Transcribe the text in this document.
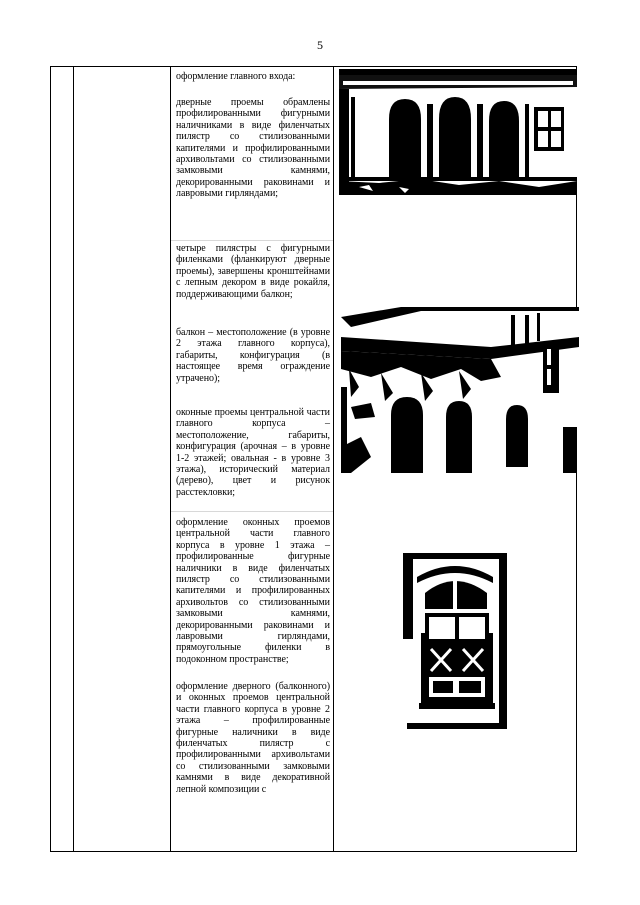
5
оформление главного входа:
дверные проемы обрамлены профилированными фигурными наличниками в виде филенчатых пилястр со стилизованными капителями и профилированными архивольтами со стилизованными замковыми камнями, декорированными раковинами и лавровыми гирляндами;
четыре пилястры с фигурными филенками (фланкируют дверные проемы), завершены кронштейнами с лепным декором в виде рокайля, поддерживающими балкон;
балкон – местоположение (в уровне 2 этажа главного корпуса), габариты, конфигурация (в настоящее время ограждение утрачено);
оконные проемы центральной части главного корпуса – местоположение, габариты, конфигурация (арочная – в уровне 1-2 этажей; овальная - в уровне 3 этажа), исторический материал (дерево), цвет и рисунок расстекловки;
оформление оконных проемов центральной части главного корпуса в уровне 1 этажа – профилированные фигурные наличники в виде филенчатых пилястр со стилизованными капителями и профилированных архивольтов со стилизованными замковыми камнями, декорированными раковинами и лавровыми гирляндами, прямоугольные филенки в подоконном пространстве;
оформление дверного (балконного) и оконных проемов центральной части главного корпуса в уровне 2 этажа – профилированные фигурные наличники в виде филенчатых пилястр с профилированными архивольтами со стилизованными замковыми камнями в виде декоративной лепной композиции с
